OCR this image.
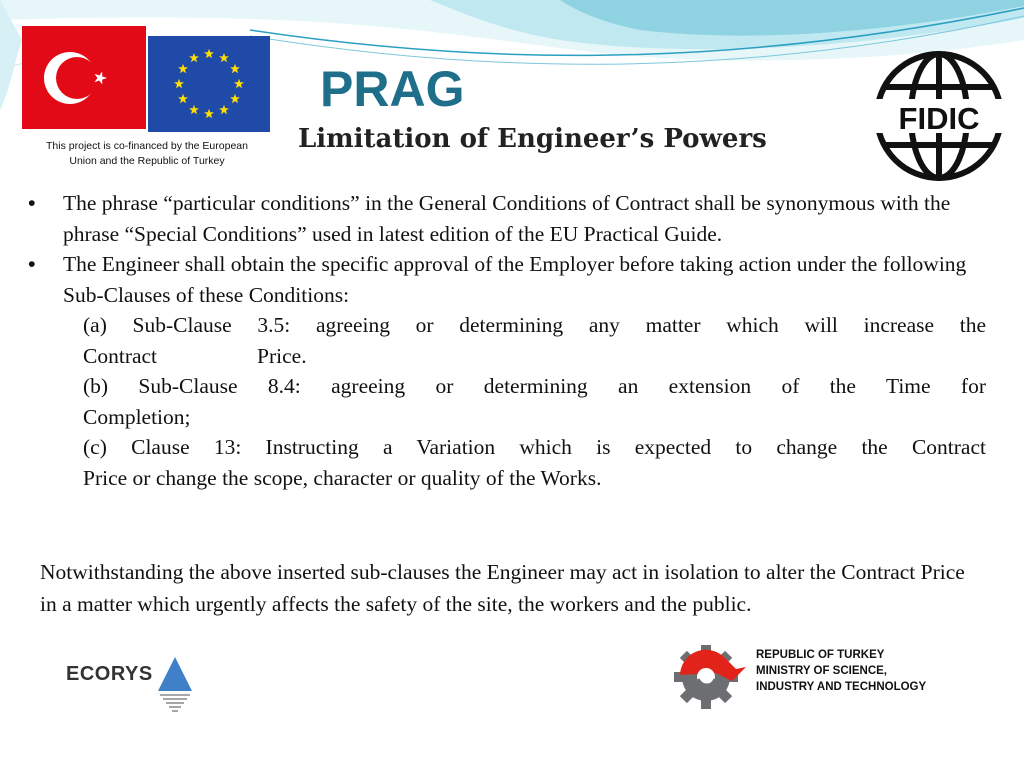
This project is co-financed by the European
Union and the Republic of Turkey
PRAG
Limitation of Engineer’s Powers
FIDIC
•	The phrase “particular conditions” in the General Conditions of Contract shall be synonymous with the phrase “Special Conditions” used in latest edition of the EU Practical Guide.
•	The Engineer shall obtain the specific approval of the Employer before taking action under the following Sub-Clauses of these Conditions:
(a) Sub-Clause 3.5: agreeing or determining any matter which will increase the
Contract	Price.
(b) Sub-Clause 8.4: agreeing or determining an extension of the Time for
Completion;
(c) Clause 13: Instructing a Variation which is expected to change the Contract
Price or change the scope, character or quality of the Works.
Notwithstanding the above inserted sub-clauses the Engineer may act in isolation to alter the Contract Price in a matter which urgently affects the safety of the site, the workers and the public.
ECORYS
REPUBLIC OF TURKEY
MINISTRY OF SCIENCE,
INDUSTRY AND TECHNOLOGY
